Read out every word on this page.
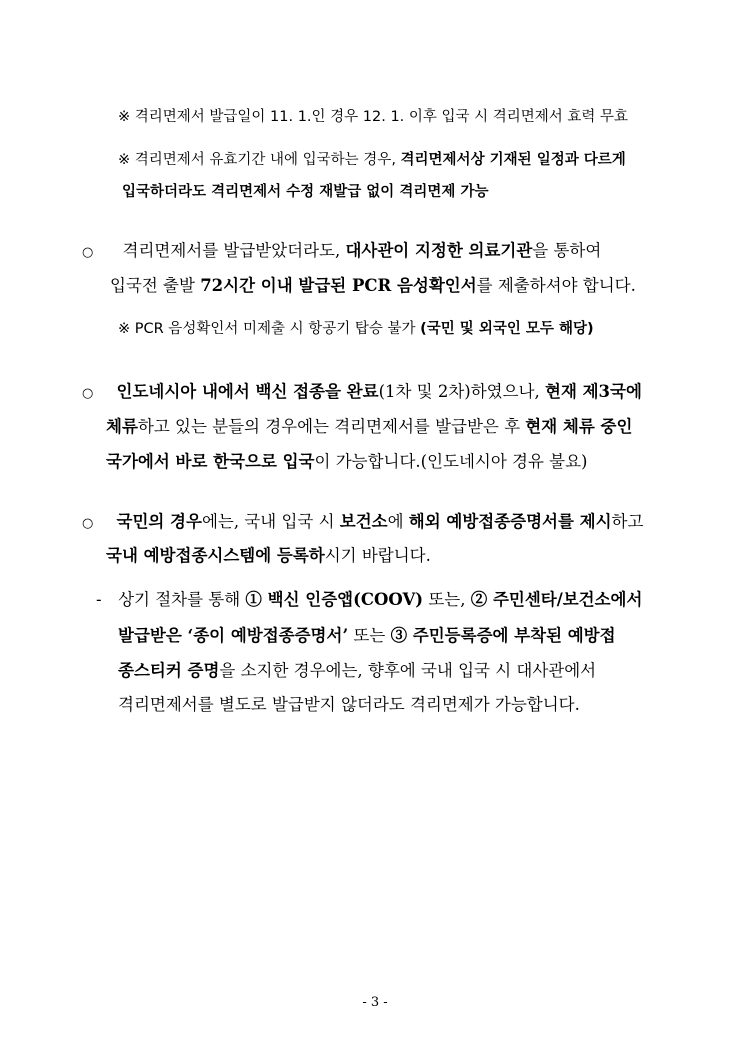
※ 격리면제서 발급일이 11. 1.인 경우 12. 1. 이후 입국 시 격리면제서 효력 무효
※ 격리면제서 유효기간 내에 입국하는 경우, 격리면제서상 기재된 일정과 다르게
입국하더라도 격리면제서 수정 재발급 없이 격리면제 가능
○ 격리면제서를 발급받았더라도, 대사관이 지정한 의료기관을 통하여
입국전 출발 72시간 이내 발급된 PCR 음성확인서를 제출하셔야 합니다.
※ PCR 음성확인서 미제출 시 항공기 탑승 불가 (국민 및 외국인 모두 해당)
○ 인도네시아 내에서 백신 접종을 완료(1차 및 2차)하였으나, 현재 제3국에
체류하고 있는 분들의 경우에는 격리면제서를 발급받은 후 현재 체류 중인
국가에서 바로 한국으로 입국이 가능합니다.(인도네시아 경유 불요)
○ 국민의 경우에는, 국내 입국 시 보건소에 해외 예방접종증명서를 제시하고
국내 예방접종시스템에 등록하시기 바랍니다.
- 상기 절차를 통해 ① 백신 인증앱(COOV) 또는, ② 주민센타/보건소에서
발급받은 ‘종이 예방접종증명서’ 또는 ③ 주민등록증에 부착된 예방접
종스티커 증명을 소지한 경우에는, 향후에 국내 입국 시 대사관에서
격리면제서를 별도로 발급받지 않더라도 격리면제가 가능합니다.
- 3 -
